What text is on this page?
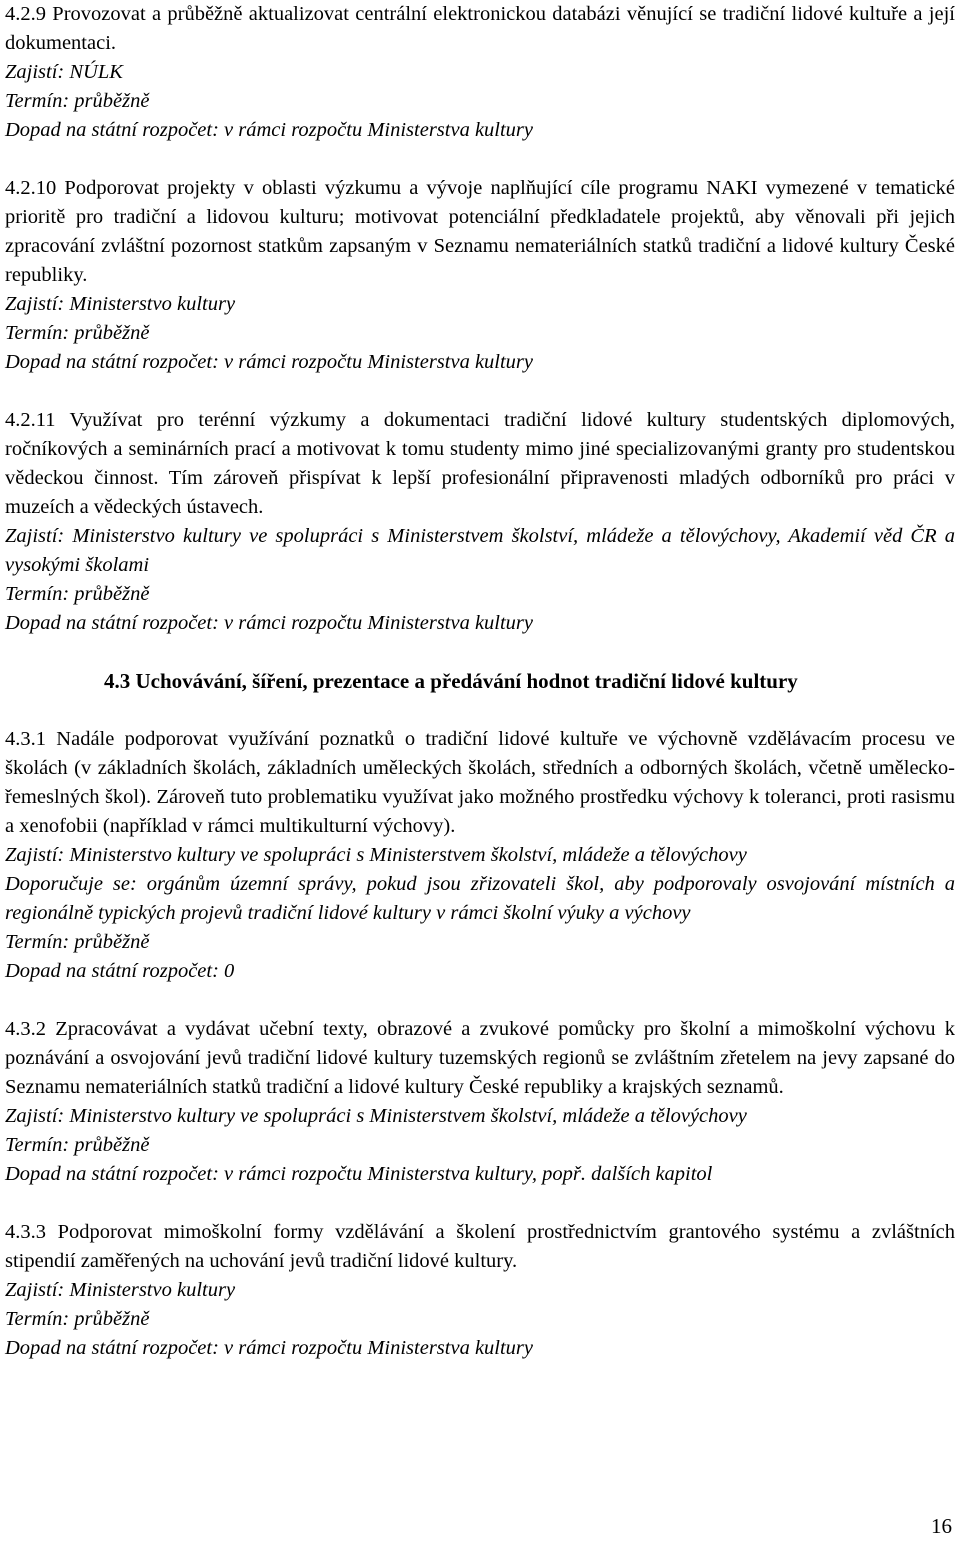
4.2.9 Provozovat a průběžně aktualizovat centrální elektronickou databázi věnující se tradiční lidové kultuře a její dokumentaci.

Zajistí: NÚLK

Termín: průběžně

Dopad na státní rozpočet: v rámci rozpočtu Ministerstva kultury

4.2.10 Podporovat projekty v oblasti výzkumu a vývoje naplňující cíle programu NAKI vymezené v tematické prioritě pro tradiční a lidovou kulturu; motivovat potenciální předkladatele projektů, aby věnovali při jejich zpracování zvláštní pozornost statkům zapsaným v Seznamu nemateriálních statků tradiční a lidové kultury České republiky.

Zajistí: Ministerstvo kultury

Termín: průběžně

Dopad na státní rozpočet: v rámci rozpočtu Ministerstva kultury

4.2.11 Využívat pro terénní výzkumy a dokumentaci tradiční lidové kultury studentských diplomových, ročníkových a seminárních prací a motivovat k tomu studenty mimo jiné specializovanými granty pro studentskou vědeckou činnost. Tím zároveň přispívat k lepší profesionální připravenosti mladých odborníků pro práci v muzeích a vědeckých ústavech.

Zajistí: Ministerstvo kultury ve spolupráci s Ministerstvem školství, mládeže a tělovýchovy, Akademií věd ČR a vysokými školami

Termín: průběžně

Dopad na státní rozpočet: v rámci rozpočtu Ministerstva kultury

4.3 Uchovávání, šíření, prezentace a předávání hodnot tradiční lidové kultury

4.3.1 Nadále podporovat využívání poznatků o tradiční lidové kultuře ve výchovně vzdělávacím procesu ve školách (v základních školách, základních uměleckých školách, středních a odborných školách, včetně umělecko-řemeslných škol). Zároveň tuto problematiku využívat jako možného prostředku výchovy k toleranci, proti rasismu a xenofobii (například v rámci multikulturní výchovy).

Zajistí: Ministerstvo kultury ve spolupráci s Ministerstvem školství, mládeže a tělovýchovy

Doporučuje se: orgánům územní správy, pokud jsou zřizovateli škol, aby podporovaly osvojování místních a regionálně typických projevů tradiční lidové kultury v rámci školní výuky a výchovy

Termín: průběžně

Dopad na státní rozpočet: 0

4.3.2 Zpracovávat a vydávat učební texty, obrazové a zvukové pomůcky pro školní a mimoškolní výchovu k poznávání a osvojování jevů tradiční lidové kultury tuzemských regionů se zvláštním zřetelem na jevy zapsané do Seznamu nemateriálních statků tradiční a lidové kultury České republiky a krajských seznamů.

Zajistí: Ministerstvo kultury ve spolupráci s Ministerstvem školství, mládeže a tělovýchovy

Termín: průběžně

Dopad na státní rozpočet: v rámci rozpočtu Ministerstva kultury, popř. dalších kapitol

4.3.3 Podporovat mimoškolní formy vzdělávání a školení prostřednictvím grantového systému a zvláštních stipendií zaměřených na uchování jevů tradiční lidové kultury.

Zajistí: Ministerstvo kultury

Termín: průběžně

Dopad na státní rozpočet: v rámci rozpočtu Ministerstva kultury

16
